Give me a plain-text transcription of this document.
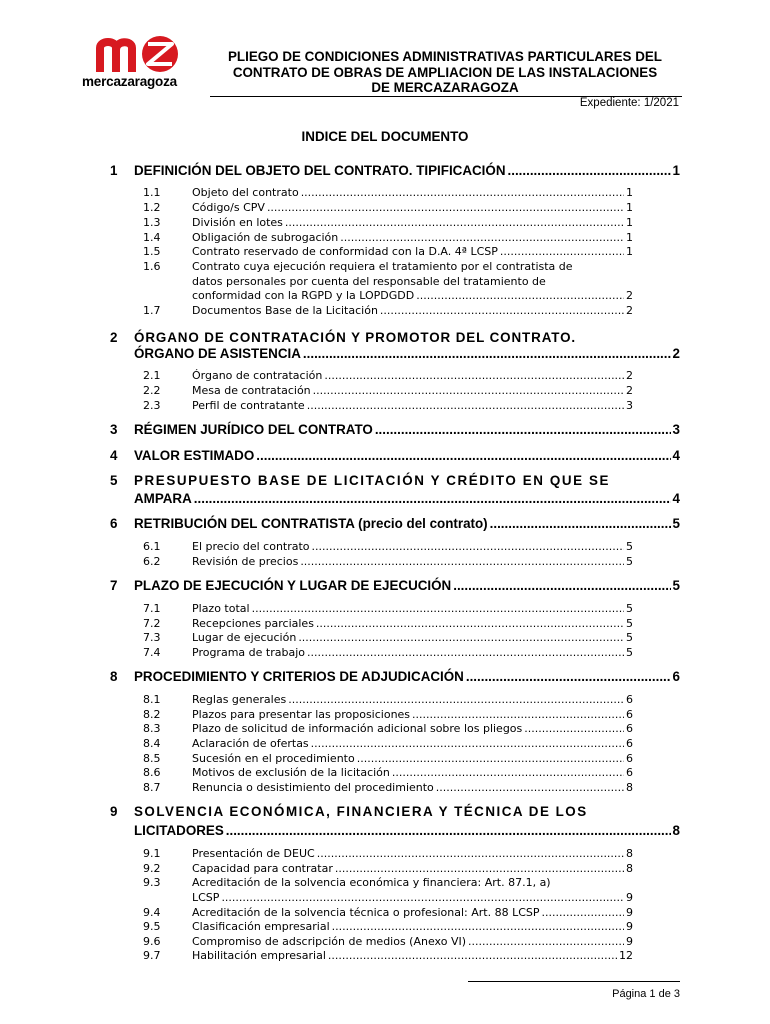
mercazaragoza
PLIEGO DE CONDICIONES ADMINISTRATIVAS PARTICULARES DEL
CONTRATO DE OBRAS DE AMPLIACION DE LAS INSTALACIONES
DE MERCAZARAGOZA
Expediente: 1/2021
INDICE DEL DOCUMENTO
1	DEFINICIÓN DEL OBJETO DEL CONTRATO. TIPIFICACIÓN .....	1
1.1	Objeto del contrato .....	1
1.2	Código/s CPV .....	1
1.3	División en lotes .....	1
1.4	Obligación de subrogación .....	1
1.5	Contrato reservado de conformidad con la D.A. 4ª LCSP .....	1
1.6	Contrato cuya ejecución requiera el tratamiento por el contratista de
datos personales por cuenta del responsable del tratamiento de
conformidad con la RGPD y la LOPDGDD .....	2
1.7	Documentos Base de la Licitación .....	2
2	ÓRGANO DE CONTRATACIÓN Y PROMOTOR DEL CONTRATO.
ÓRGANO DE ASISTENCIA .....	2
2.1	Órgano de contratación .....	2
2.2	Mesa de contratación .....	2
2.3	Perfil de contratante .....	3
3	RÉGIMEN JURÍDICO DEL CONTRATO .....	3
4	VALOR ESTIMADO .....	4
5	PRESUPUESTO BASE DE LICITACIÓN Y CRÉDITO EN QUE SE
AMPARA .....	4
6	RETRIBUCIÓN DEL CONTRATISTA (precio del contrato) .....	5
6.1	El precio del contrato .....	5
6.2	Revisión de precios .....	5
7	PLAZO DE EJECUCIÓN Y LUGAR DE EJECUCIÓN .....	5
7.1	Plazo total .....	5
7.2	Recepciones parciales .....	5
7.3	Lugar de ejecución .....	5
7.4	Programa de trabajo .....	5
8	PROCEDIMIENTO Y CRITERIOS DE ADJUDICACIÓN .....	6
8.1	Reglas generales .....	6
8.2	Plazos para presentar las proposiciones .....	6
8.3	Plazo de solicitud de información adicional sobre los pliegos .....	6
8.4	Aclaración de ofertas .....	6
8.5	Sucesión en el procedimiento .....	6
8.6	Motivos de exclusión de la licitación .....	6
8.7	Renuncia o desistimiento del procedimiento .....	8
9	SOLVENCIA ECONÓMICA, FINANCIERA Y TÉCNICA DE LOS
LICITADORES .....	8
9.1	Presentación de DEUC .....	8
9.2	Capacidad para contratar .....	8
9.3	Acreditación de la solvencia económica y financiera: Art. 87.1, a)
LCSP .....	9
9.4	Acreditación de la solvencia técnica o profesional: Art. 88 LCSP .....	9
9.5	Clasificación empresarial .....	9
9.6	Compromiso de adscripción de medios (Anexo VI) .....	9
9.7	Habilitación empresarial .....	12
Página 1 de 3
